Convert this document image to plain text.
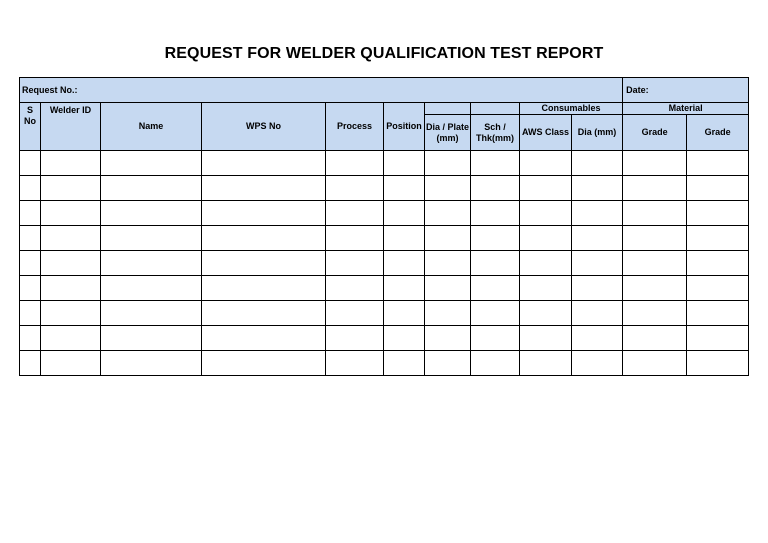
REQUEST FOR WELDER QUALIFICATION TEST REPORT
Request No.:										Date:	
S No	Welder ID	Name	WPS No	Process	Position			Consumables		Material	
						Dia / Plate (mm)	Sch / Thk(mm)	AWS Class	Dia (mm)	Grade	Grade
